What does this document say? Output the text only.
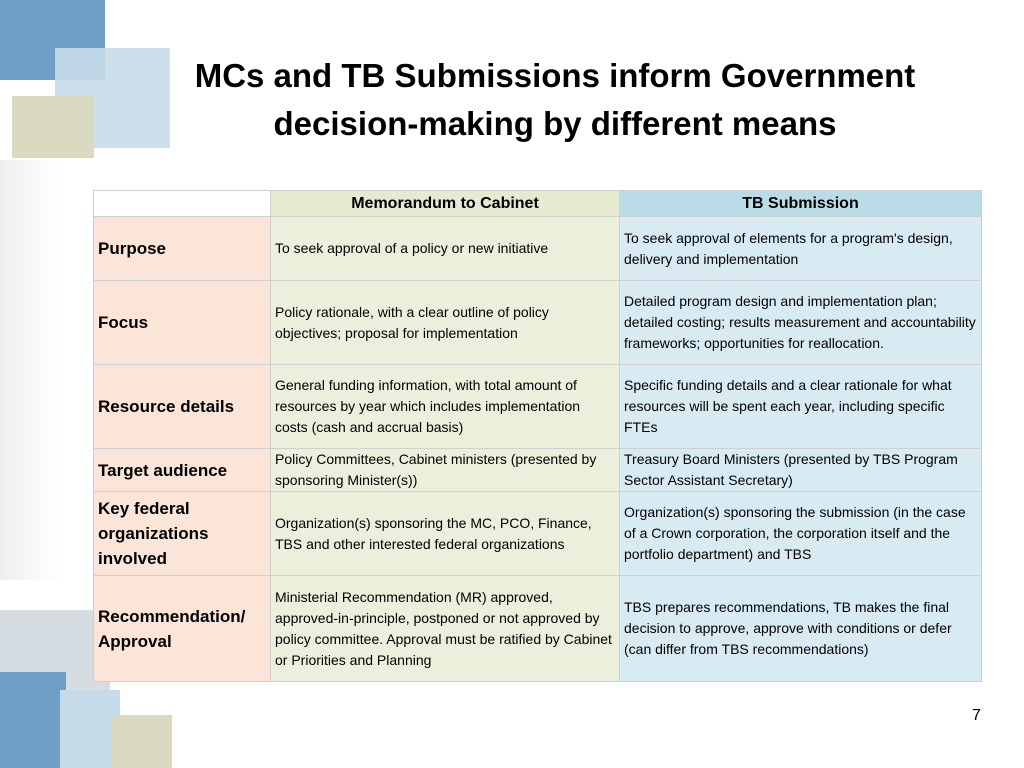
MCs and TB Submissions inform Government decision-making by different means
	Memorandum to Cabinet	TB Submission
Purpose	To seek approval of a policy or new initiative	To seek approval of elements for a program's design, delivery and implementation
Focus	Policy rationale, with a clear outline of policy objectives; proposal for implementation	Detailed program design and implementation plan; detailed costing; results measurement and accountability frameworks; opportunities for reallocation.
Resource details	General funding information, with total amount of resources by year which includes implementation costs (cash and accrual basis)	Specific funding details and a clear rationale for what resources will be spent each year, including specific FTEs
Target audience	Policy Committees, Cabinet ministers (presented by sponsoring Minister(s))	Treasury Board Ministers (presented by TBS Program Sector Assistant Secretary)
Key federal organizations involved	Organization(s) sponsoring the MC, PCO, Finance, TBS and other interested federal organizations	Organization(s) sponsoring the submission (in the case of a Crown corporation, the corporation itself and the portfolio department) and TBS
Recommendation/ Approval	Ministerial Recommendation (MR) approved, approved-in-principle, postponed or not approved by policy committee. Approval must be ratified by Cabinet or Priorities and Planning	TBS prepares recommendations, TB makes the final decision to approve, approve with conditions or defer (can differ from TBS recommendations)
7
